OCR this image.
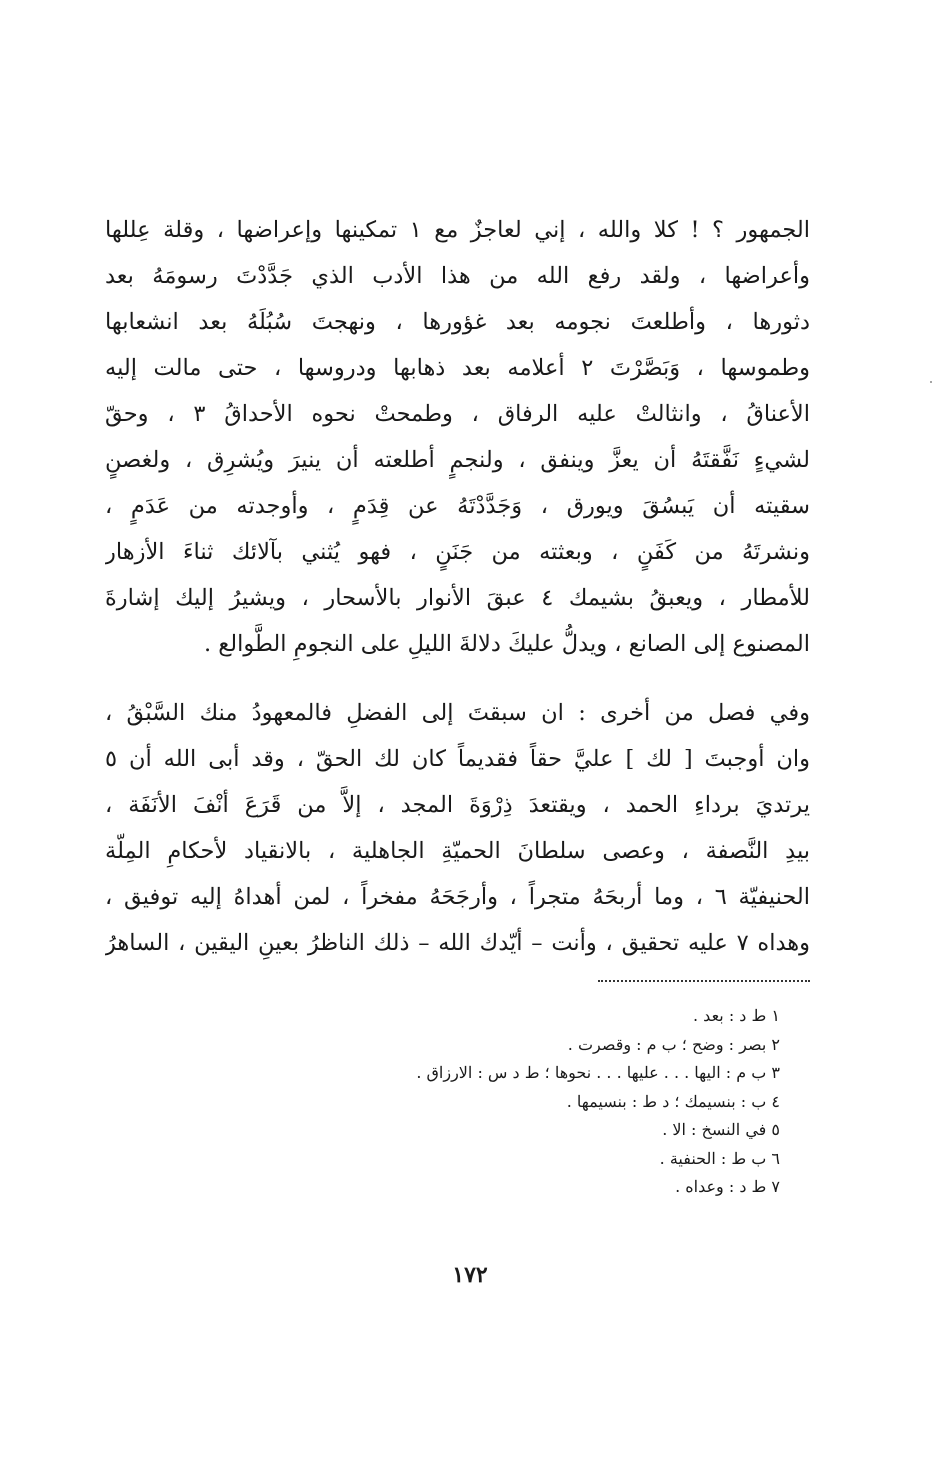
الجمهور ؟ ! كلا والله ، إني لعاجزٌ مع ١ تمكينها وإعراضها ، وقلة عِللها
وأعراضها ، ولقد رفع الله من هذا الأدب الذي جَدَّدْتَ رسومَهُ بعد
دثورها ، وأطلعتَ نجومه بعد غؤورها ، ونهجتَ سُبُلَهُ بعد انشعابها
وطموسها ، وَبَصَّرْتَ ٢ أعلامه بعد ذهابها ودروسها ، حتى مالت إليه
الأعناقُ ، وانثالتْ عليه الرفاق ، وطمحتْ نحوه الأحداقُ ٣ ، وحقّ
لشيءٍ نَفَّقتَهُ أن يعزَّ وينفق ، ولنجمٍ أطلعته أن ينيرَ ويُشرِق ، ولغصنٍ
سقيته أن يَبسُقَ ويورق ، وَجَدَّدْتَهُ عن قِدَمٍ ، وأوجدته من عَدَمٍ ،
ونشرتَهُ من كَفَنٍ ، وبعثته من جَنَنٍ ، فهو يُثني بآلائك ثناءَ الأزهار
للأمطار ، ويعبقُ بشيمك ٤ عبقَ الأنوار بالأسحار ، ويشيرُ إليك إشارةَ
المصنوع إلى الصانع ، ويدلُّ عليكَ دلالةَ الليلِ على النجومِ الطَّوالع .
وفي فصل من أخرى : ان سبقتَ إلى الفضلِ فالمعهودُ منك السَّبْقُ ،
وان أوجبتَ [ لك ] عليَّ حقاً فقديماً كان لك الحقّ ، وقد أبى الله أن ٥
يرتديَ برداءِ الحمد ، ويقتعدَ ذِرْوَةَ المجد ، إلاَّ من قَرَعَ أنْفَ الأنَفَة ،
بيدِ النَّصفة ، وعصى سلطانَ الحميّةِ الجاهلية ، بالانقياد لأحكامِ المِلّة
الحنيفيّة ٦ ، وما أربحَهُ متجراً ، وأرجَحَهُ مفخراً ، لمن أهداهُ إليه توفيق ،
وهداه ٧ عليه تحقيق ، وأنت – أيّدك الله – ذلك الناظرُ بعينِ اليقين ، الساهرُ
١ ط د : بعد .
٢ بصر : وضح ؛ ب م : وقصرت .
٣ ب م : اليها . . . عليها . . . نحوها ؛ ط د س : الارزاق .
٤ ب : بنسيمك ؛ د ط : بنسيمها .
٥ في النسخ : الا .
٦ ب ط : الحنفية .
٧ ط د : وعداه .
١٧٢
